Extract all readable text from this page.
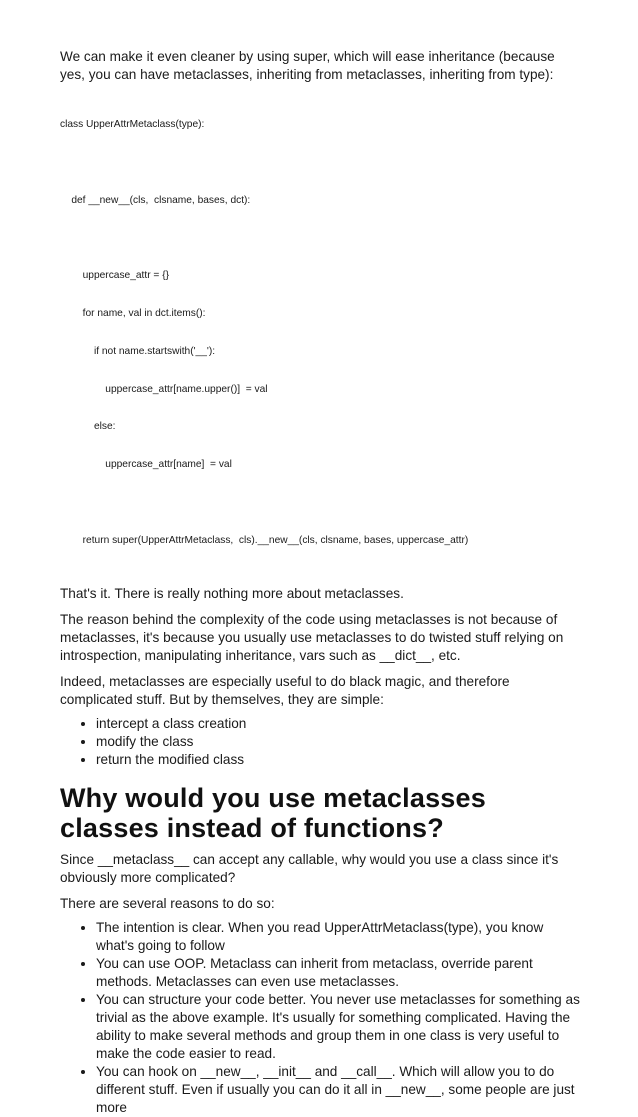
We can make it even cleaner by using super, which will ease inheritance (because yes, you can have metaclasses, inheriting from metaclasses, inheriting from type):

class UpperAttrMetaclass(type):

def __new__(cls,  clsname, bases, dct):

uppercase_attr = {}

for name, val in dct.items():

if not name.startswith('__'):

uppercase_attr[name.upper()]  = val

else:

uppercase_attr[name]  = val

return super(UpperAttrMetaclass,  cls).__new__(cls, clsname, bases, uppercase_attr)

That's it. There is really nothing more about metaclasses.

The reason behind the complexity of the code using metaclasses is not because of metaclasses, it's because you usually use metaclasses to do twisted stuff relying on introspection, manipulating inheritance, vars such as __dict__, etc.

Indeed, metaclasses are especially useful to do black magic, and therefore complicated stuff. But by themselves, they are simple:

• intercept a class creation
• modify the class
• return the modified class
Why would you use metaclasses classes instead of functions?

Since __metaclass__ can accept any callable, why would you use a class since it's obviously more complicated?

There are several reasons to do so:

• The intention is clear. When you read UpperAttrMetaclass(type), you know what's going to follow
• You can use OOP. Metaclass can inherit from metaclass, override parent methods. Metaclasses can even use metaclasses.
• You can structure your code better. You never use metaclasses for something as trivial as the above example. It's usually for something complicated. Having the ability to make several methods and group them in one class is very useful to make the code easier to read.
• You can hook on __new__, __init__ and __call__. Which will allow you to do different stuff. Even if usually you can do it all in __new__, some people are just more
